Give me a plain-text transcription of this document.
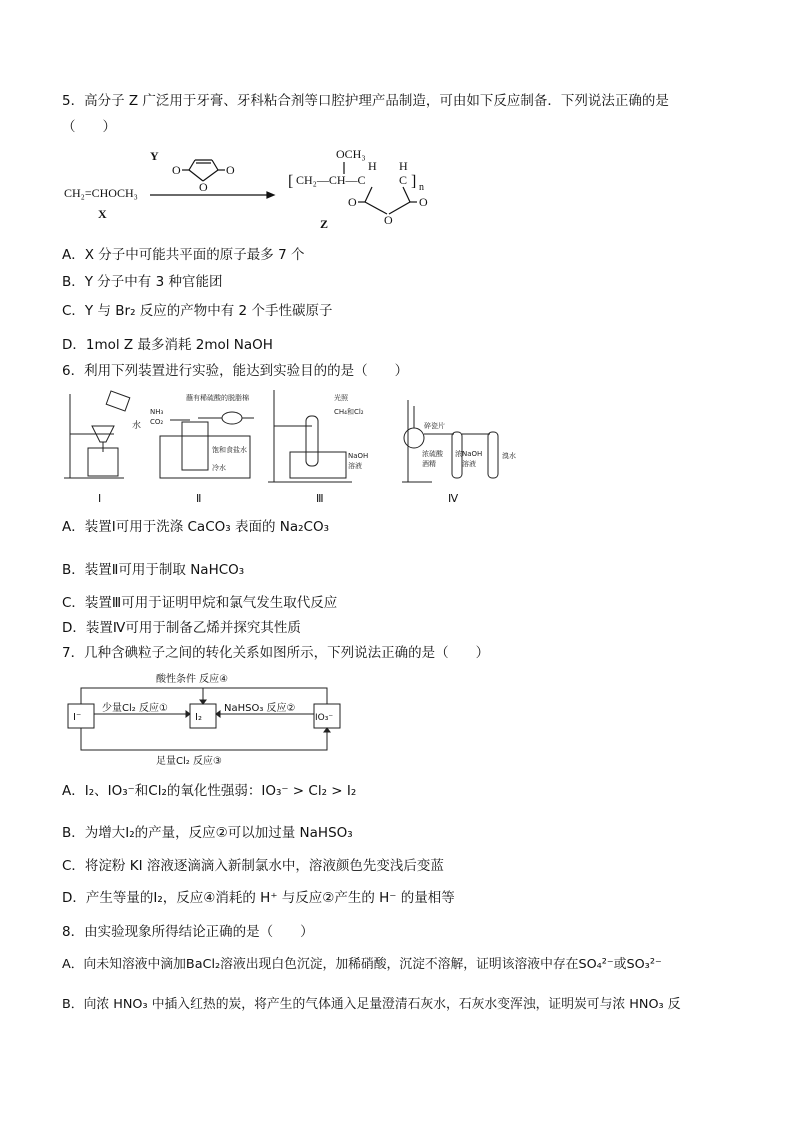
5．高分子 Z 广泛用于牙膏、牙科粘合剂等口腔护理产品制造，可由如下反应制备．下列说法正确的是
（　　）
CH₂=CHOCH₃
X
Y
O	O
O	[ CH₂—CH—C	] n
OCH₃
H H
C
O	O
O
Z
A．X 分子中可能共平面的原子最多 7 个
B．Y 分子中有 3 种官能团
C．Y 与 Br₂ 反应的产物中有 2 个手性碳原子
D．1mol Z 最多消耗 2mol NaOH
6．利用下列装置进行实验，能达到实验目的的是（　　）
水
NH₃
CO₂
蘸有稀硫酸的脱脂棉
饱和食盐水
冷水
光照
CH₄和Cl₂
NaOH
溶液
碎瓷片
浓硫酸
酒精
浓NaOH
溶液
溴水
Ⅰ	Ⅱ	Ⅲ	Ⅳ
A．装置Ⅰ可用于洗涤 CaCO₃ 表面的 Na₂CO₃
B．装置Ⅱ可用于制取 NaHCO₃
C．装置Ⅲ可用于证明甲烷和氯气发生取代反应
D．装置Ⅳ可用于制备乙烯并探究其性质
7．几种含碘粒子之间的转化关系如图所示，下列说法正确的是（　　）
酸性条件 反应④
I⁻	I₂	IO₃⁻
少量Cl₂ 反应①	NaHSO₃ 反应②
足量Cl₂ 反应③
A．I₂、IO₃⁻和Cl₂的氧化性强弱：IO₃⁻ > Cl₂ > I₂
B．为增大I₂的产量，反应②可以加过量 NaHSO₃
C．将淀粉 KI 溶液逐滴滴入新制氯水中，溶液颜色先变浅后变蓝
D．产生等量的I₂，反应④消耗的 H⁺ 与反应②产生的 H⁻ 的量相等
8．由实验现象所得结论正确的是（　　）
A．向未知溶液中滴加BaCl₂溶液出现白色沉淀，加稀硝酸，沉淀不溶解，证明该溶液中存在SO₄²⁻或SO₃²⁻
B．向浓 HNO₃ 中插入红热的炭，将产生的气体通入足量澄清石灰水，石灰水变浑浊，证明炭可与浓 HNO₃ 反
